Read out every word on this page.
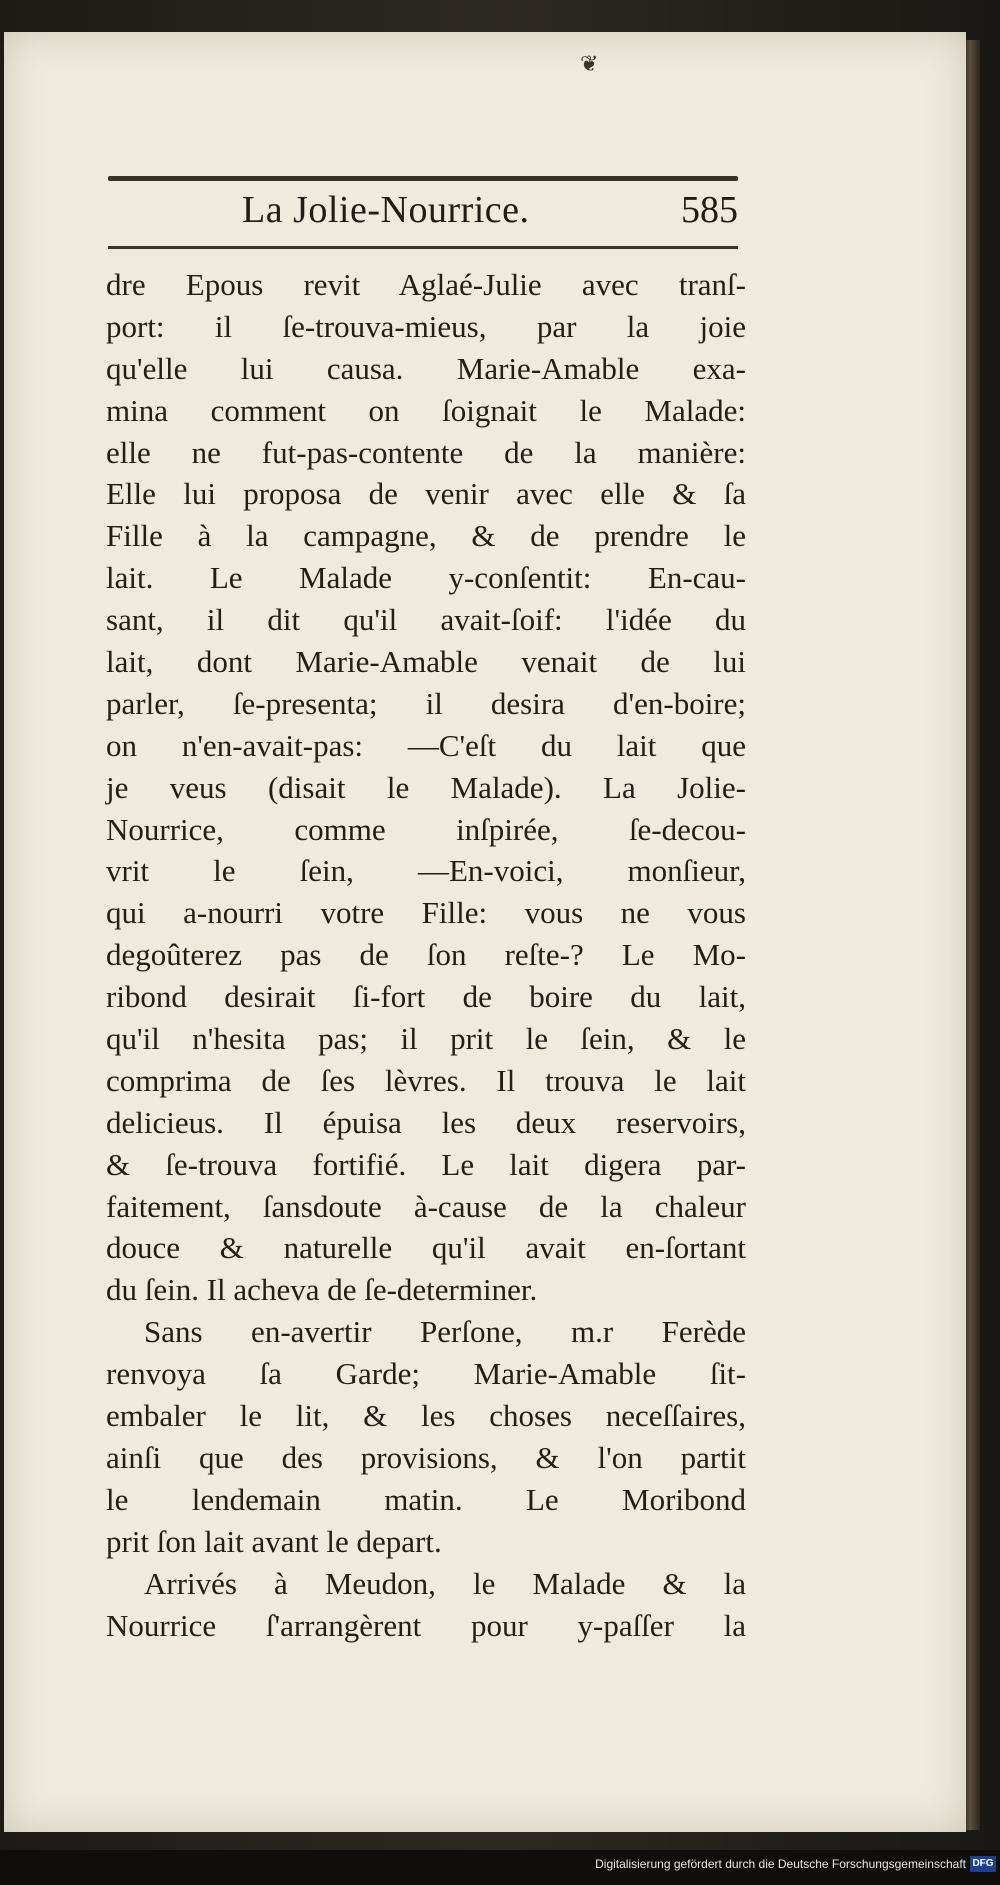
❦
La Jolie-Nourrice.	585
dre Epous revit Aglaé-Julie avec tranſ-
port: il ſe-trouva-mieus, par la joie
qu'elle lui causa. Marie-Amable exa-
mina comment on ſoignait le Malade:
elle ne fut-pas-contente de la manière:
Elle lui proposa de venir avec elle & ſa
Fille à la campagne, & de prendre le
lait. Le Malade y-conſentit: En-cau-
sant, il dit qu'il avait-ſoif: l'idée du
lait, dont Marie-Amable venait de lui
parler, ſe-presenta; il desira d'en-boire;
on n'en-avait-pas: —C'eſt du lait que
je veus (disait le Malade). La Jolie-
Nourrice, comme inſpirée, ſe-decou-
vrit le ſein, —En-voici, monſieur,
qui a-nourri votre Fille: vous ne vous
degoûterez pas de ſon reſte-? Le Mo-
ribond desirait ſi-fort de boire du lait,
qu'il n'hesita pas; il prit le ſein, & le
comprima de ſes lèvres. Il trouva le lait
delicieus. Il épuisa les deux reservoirs,
& ſe-trouva fortifié. Le lait digera par-
faitement, ſansdoute à-cause de la chaleur
douce & naturelle qu'il avait en-ſortant
du ſein. Il acheva de ſe-determiner.
Sans en-avertir Perſone, m.r Ferède
renvoya ſa Garde; Marie-Amable ſit-
embaler le lit, & les choses neceſſaires,
ainſi que des provisions, & l'on partit
le lendemain matin. Le Moribond
prit ſon lait avant le depart.
Arrivés à Meudon, le Malade & la
Nourrice ſ'arrangèrent pour y-paſſer la
Digitalisierung gefördert durch die Deutsche Forschungsgemeinschaft DFG
